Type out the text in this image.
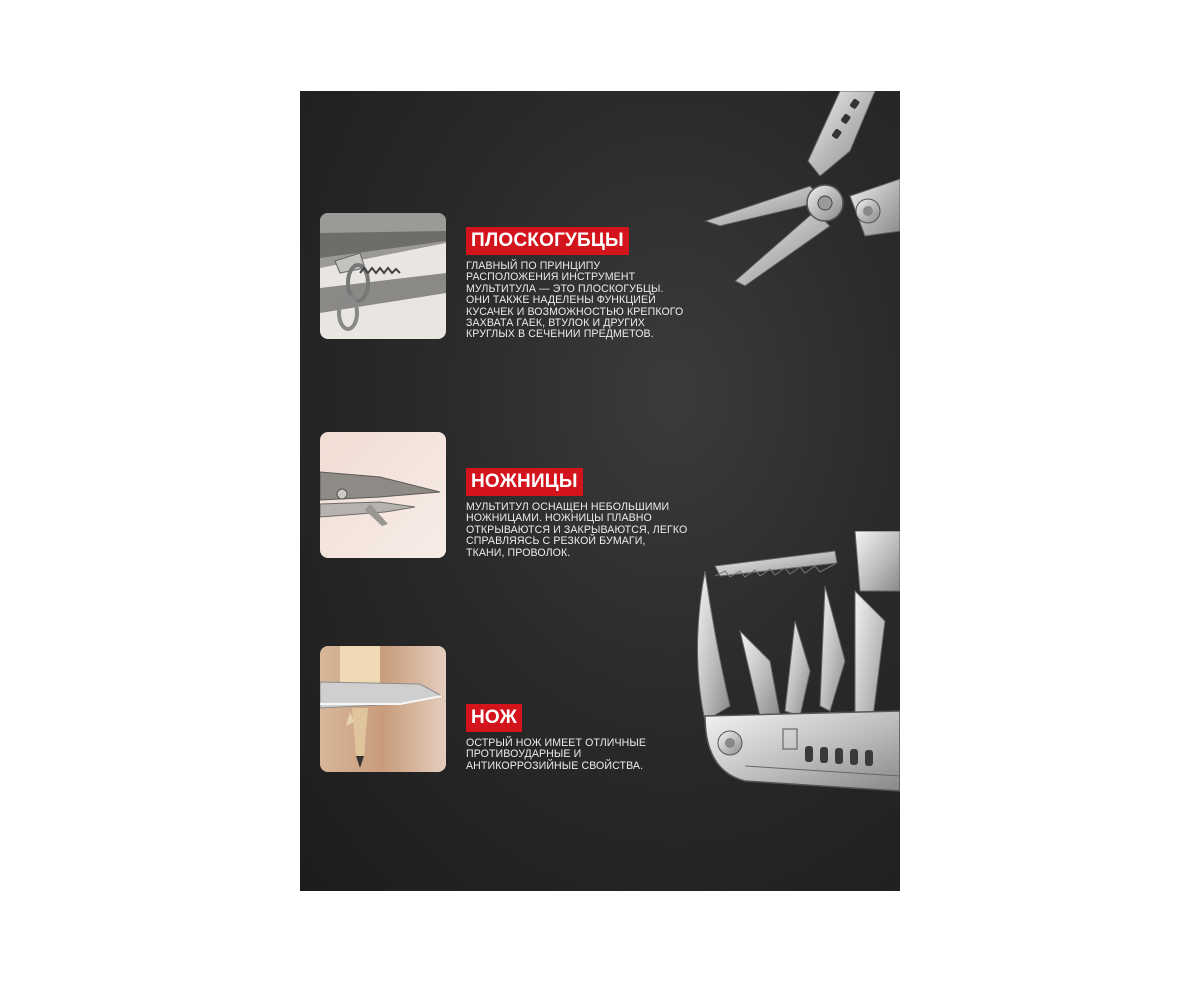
ПЛОСКОГУБЦЫ
ГЛАВНЫЙ ПО ПРИНЦИПУ
РАСПОЛОЖЕНИЯ ИНСТРУМЕНТ
МУЛЬТИТУЛА — ЭТО ПЛОСКОГУБЦЫ.
ОНИ ТАКЖЕ НАДЕЛЕНЫ ФУНКЦИЕЙ
КУСАЧЕК И ВОЗМОЖНОСТЬЮ КРЕПКОГО
ЗАХВАТА ГАЕК, ВТУЛОК И ДРУГИХ
КРУГЛЫХ В СЕЧЕНИИ ПРЕДМЕТОВ.
НОЖНИЦЫ
МУЛЬТИТУЛ ОСНАЩЕН НЕБОЛЬШИМИ
НОЖНИЦАМИ. НОЖНИЦЫ ПЛАВНО
ОТКРЫВАЮТСЯ И ЗАКРЫВАЮТСЯ, ЛЕГКО
СПРАВЛЯЯСЬ С РЕЗКОЙ БУМАГИ,
ТКАНИ, ПРОВОЛОК.
НОЖ
ОСТРЫЙ НОЖ ИМЕЕТ ОТЛИЧНЫЕ
ПРОТИВОУДАРНЫЕ И
АНТИКОРРОЗИЙНЫЕ СВОЙСТВА.
